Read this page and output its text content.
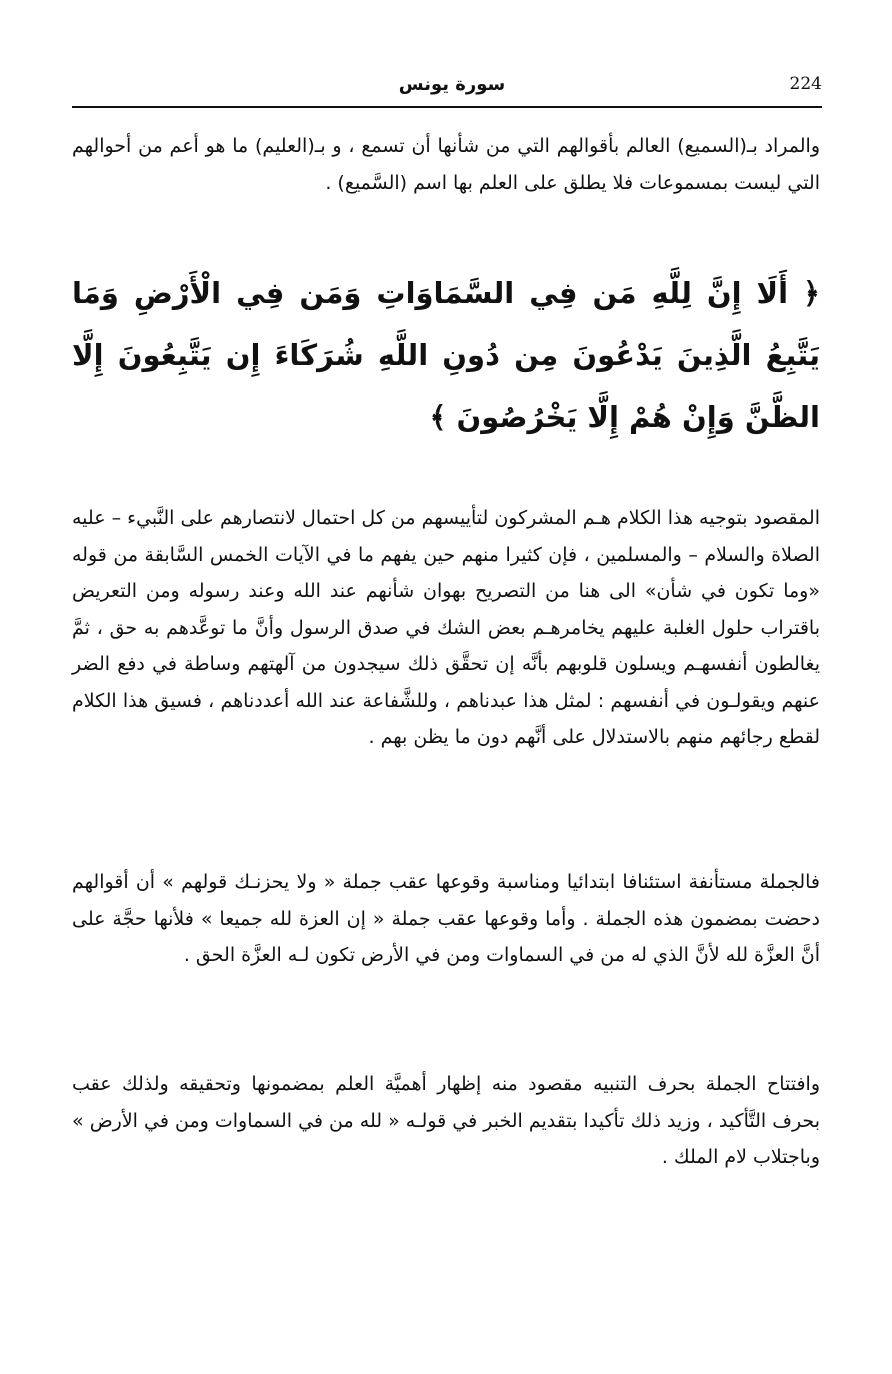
224
سورة يونس
والمراد بـ(السميع) العالم بأقوالهم التي من شأنها أن تسمع ، و بـ(العليم) ما هو أعم من أحوالهم التي ليست بمسموعات فلا يطلق على العلم بها اسم (السَّميع) .
﴿ أَلَا إِنَّ لِلَّهِ مَن فِي السَّمَاوَاتِ وَمَن فِي الْأَرْضِ وَمَا يَتَّبِعُ الَّذِينَ يَدْعُونَ مِن دُونِ اللَّهِ شُرَكَاءَ إِن يَتَّبِعُونَ إِلَّا الظَّنَّ وَإِنْ هُمْ إِلَّا يَخْرُصُونَ ﴾
المقصود بتوجيه هذا الكلام هـم المشركون لتأييسهم من كل احتمال لانتصارهم على النَّبيء – عليه الصلاة والسلام – والمسلمين ، فإن كثيرا منهم حين يفهم ما في الآيات الخمس السَّابقة من قوله «وما تكون في شأن» الى هنا من التصريح بهوان شأنهم عند الله وعند رسوله ومن التعريض باقتراب حلول الغلبة عليهم يخامرهـم بعض الشك في صدق الرسول وأنَّ ما توعَّدهم به حق ، ثمَّ يغالطون أنفسهـم ويسلون قلوبهم بأنَّه إن تحقَّق ذلك سيجدون من آلهتهم وساطة في دفع الضر عنهم ويقولـون في أنفسهم : لمثل هذا عبدناهم ، وللشَّفاعة عند الله أعددناهم ، فسيق هذا الكلام لقطع رجائهم منهم بالاستدلال على أنَّهم دون ما يظن بهم .
فالجملة مستأنفة استئنافا ابتدائيا ومناسبة وقوعها عقب جملة « ولا يحزنـك قولهم » أن أقوالهم دحضت بمضمون هذه الجملة . وأما وقوعها عقب جملة « إن العزة لله جميعا » فلأنها حجَّة على أنَّ العزَّة لله لأنَّ الذي له من في السماوات ومن في الأرض تكون لـه العزَّة الحق .
وافتتاح الجملة بحرف التنبيه مقصود منه إظهار أهميَّة العلم بمضمونها وتحقيقه ولذلك عقب بحرف التَّأكيد ، وزيد ذلك تأكيدا بتقديم الخبر في قولـه « لله من في السماوات ومن في الأرض » وباجتلاب لام الملك .
